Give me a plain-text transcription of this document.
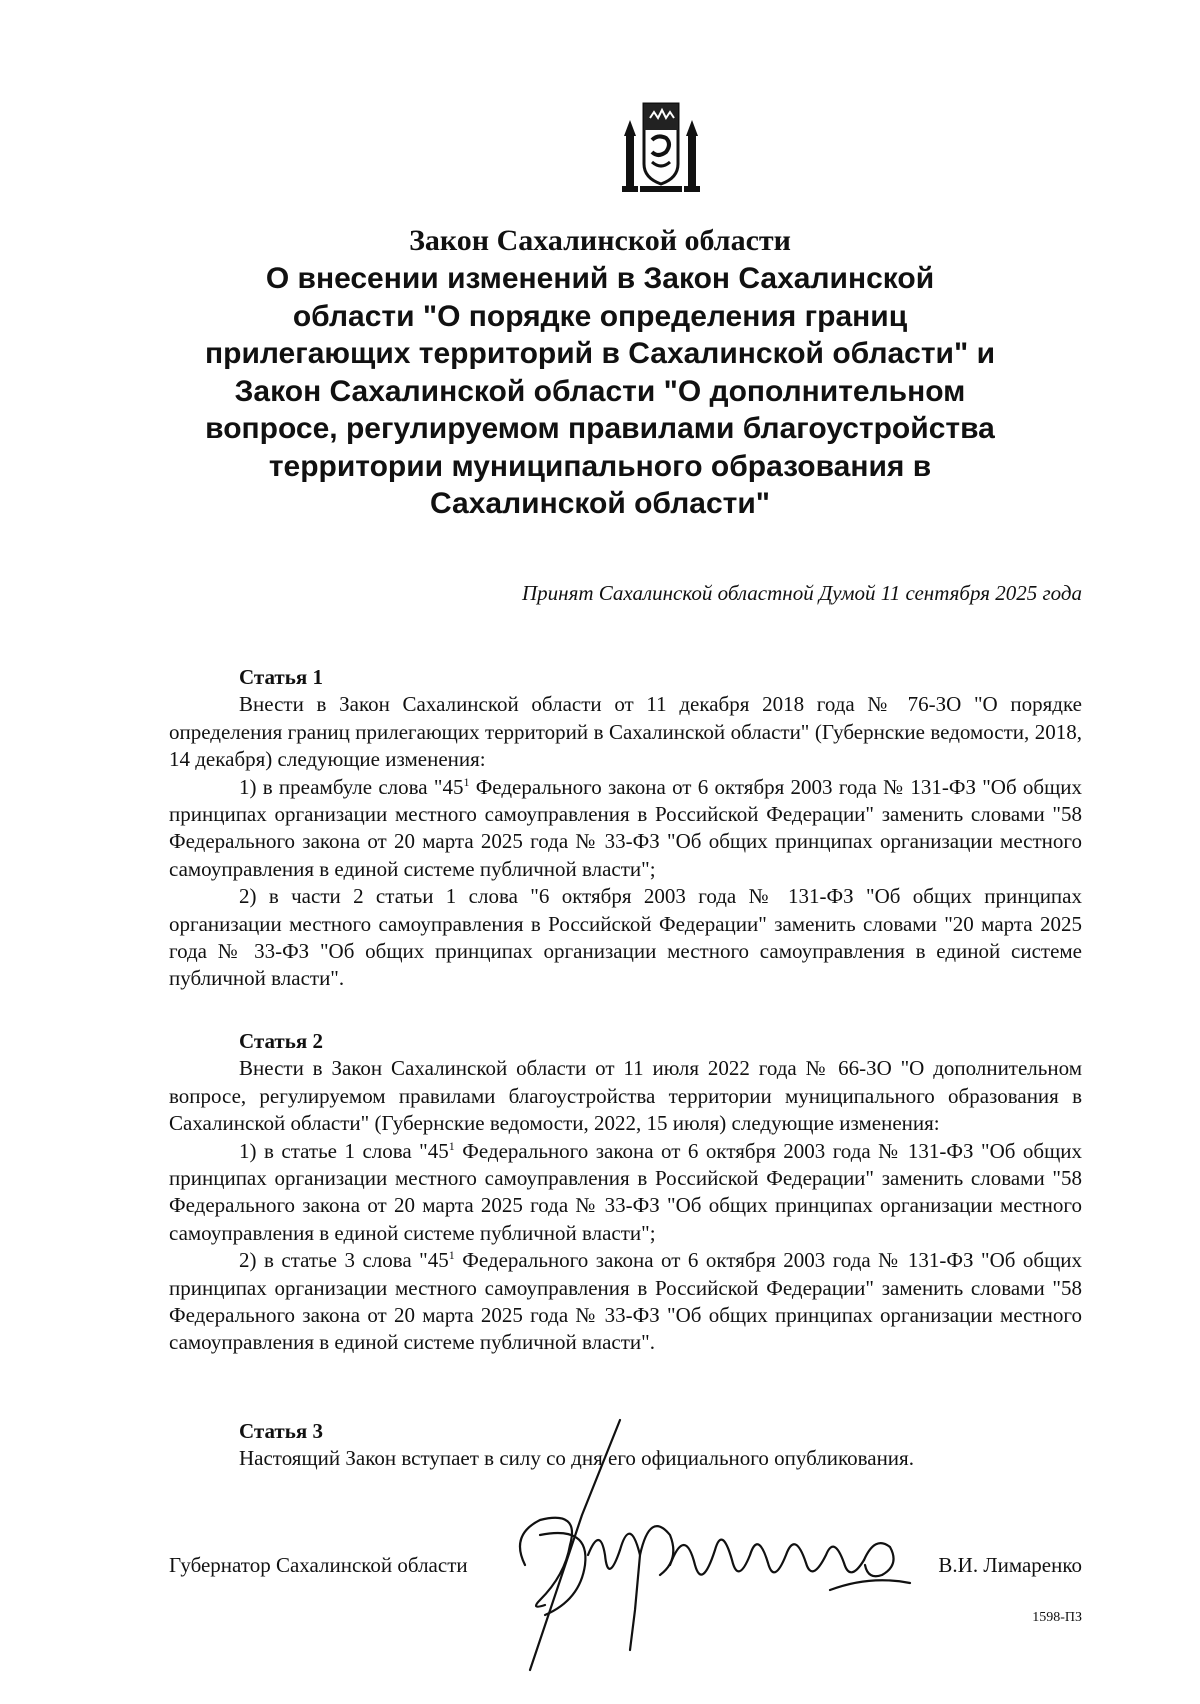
Закон Сахалинской области
О внесении изменений в Закон Сахалинской
области "О порядке определения границ
прилегающих территорий в Сахалинской области" и
Закон Сахалинской области "О дополнительном
вопросе, регулируемом правилами благоустройства
территории муниципального образования в
Сахалинской области"
Принят Сахалинской областной Думой 11 сентября 2025 года
Статья 1

Внести в Закон Сахалинской области от 11 декабря 2018 года № 76-ЗО "О порядке определения границ прилегающих территорий в Сахалинской области" (Губернские ведомости, 2018, 14 декабря) следующие изменения:

1) в преамбуле слова "$45^1$ Федерального закона от 6 октября 2003 года № 131-ФЗ "Об общих принципах организации местного самоуправления в Российской Федерации" заменить словами "58 Федерального закона от 20 марта 2025 года № 33-ФЗ "Об общих принципах организации местного самоуправления в единой системе публичной власти";

2) в части 2 статьи 1 слова "6 октября 2003 года № 131-ФЗ "Об общих принципах организации местного самоуправления в Российской Федерации" заменить словами "20 марта 2025 года № 33-ФЗ "Об общих принципах организации местного самоуправления в единой системе публичной власти".

Статья 2

Внести в Закон Сахалинской области от 11 июля 2022 года № 66-ЗО "О дополнительном вопросе, регулируемом правилами благоустройства территории муниципального образования в Сахалинской области" (Губернские ведомости, 2022, 15 июля) следующие изменения:

1) в статье 1 слова "$45^1$ Федерального закона от 6 октября 2003 года № 131-ФЗ "Об общих принципах организации местного самоуправления в Российской Федерации" заменить словами "58 Федерального закона от 20 марта 2025 года № 33-ФЗ "Об общих принципах организации местного самоуправления в единой системе публичной власти";

2) в статье 3 слова "$45^1$ Федерального закона от 6 октября 2003 года № 131-ФЗ "Об общих принципах организации местного самоуправления в Российской Федерации" заменить словами "58 Федерального закона от 20 марта 2025 года № 33-ФЗ "Об общих принципах организации местного самоуправления в единой системе публичной власти".

Статья 3

Настоящий Закон вступает в силу со дня его официального опубликования.

Губернатор Сахалинской области	В.И. Лимаренко
1598-ПЗ
